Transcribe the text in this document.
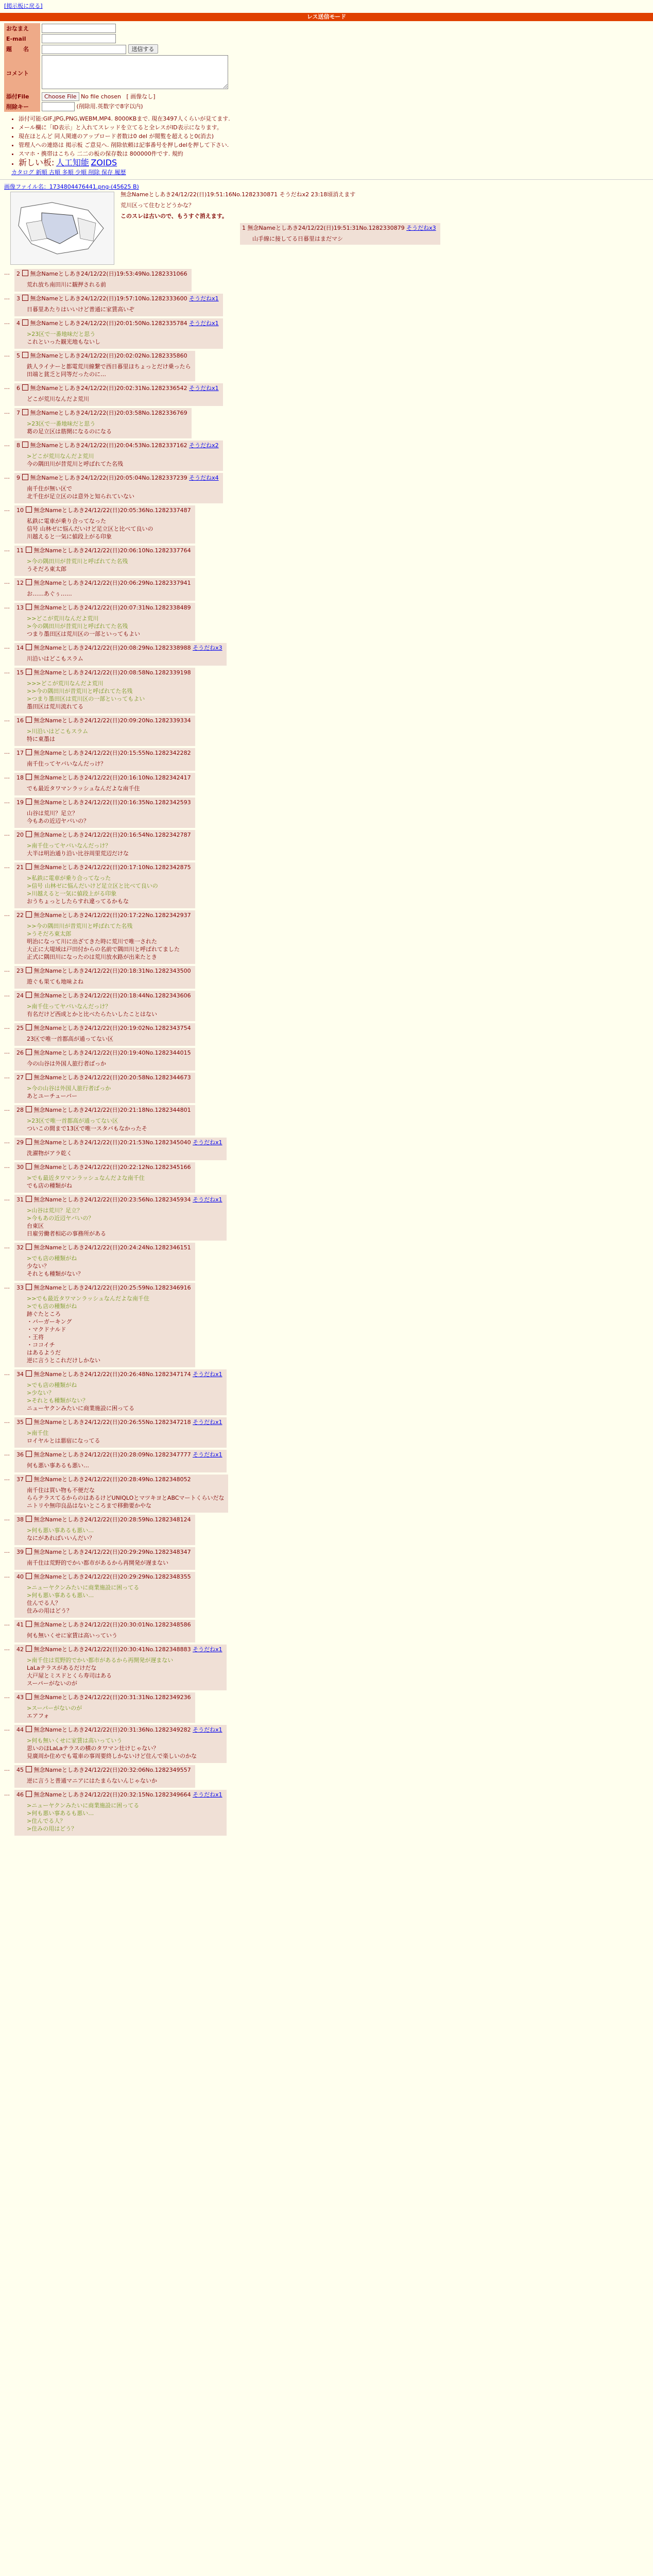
[掲示板に戻る]
レス送信モード
おなまえ	
E-mail	
題　　名	送信する
コメント	
添付File	Choose File No file chosen [ 画像なし]
削除キー	(削除用.英数字で8字以内)
• 添付可能:GIF,JPG,PNG,WEBM,MP4. 8000KBまで. 現在3497人くらいが見てます.
• メール欄に「ID表示」と入れてスレッドを立てると全レスがID表示になります。
• 現在ほとんど 同人関連のアップロード者数は0 del が閲覧を超えると0(消去)
• 管理人への連絡は 掲示板 ご意見へ. 削除依頼は記事番号を押しdelを押して下さい.
• スマホ・携帯はこちら 二二の板の保存数は 800000件です. 規約
• 新しい板: 人工知能 ZOIDS
カタログ 新順 古順 多順 少順 削除 保存 履歴
画像ファイル名：1734804476441.png-(45625 B)
無念Nameとしあき24/12/22(日)19:51:16No.1282330871 そうだねx2 23:18頃消えます
荒川区って住むとどうかな？
このスレは古いので、もうすぐ消えます。
1 無念Nameとしあき24/12/22(日)19:51:31No.1282330879 そうだねx3
山手線に接してる日暮里はまだマシ
… 2 無念Nameとしあき24/12/22(日)19:53:49No.1282331066
荒れ放ち南田川に観押される前
… 3 無念Nameとしあき24/12/22(日)19:57:10No.1282333600 そうだねx1
日暮里あたりはいいけど普通に家賃高いぞ
… 4 無念Nameとしあき24/12/22(日)20:01:50No.1282335784 そうだねx1
>23区で一番地味だと思う
これといった観光地もないし
… 5 無念Nameとしあき24/12/22(日)20:02:02No.1282335860
鉄人ライナーと都電荒川線繋で西日暮里ほちょっとだけ乗ったら
田端と貧乏と同等だったのに…
… 6 無念Nameとしあき24/12/22(日)20:02:31No.1282336542 そうだねx1
どこが荒川なんだよ荒川
… 7 無念Nameとしあき24/12/22(日)20:03:58No.1282336769
>23区で一番地味だと思う
葛の足立区は筋開になるのになる
… 8 無念Nameとしあき24/12/22(日)20:04:53No.1282337162 そうだねx2
>どこが荒川なんだよ荒川
今の隅田川が昔荒川と呼ばれてた名残
… 9 無念Nameとしあき24/12/22(日)20:05:04No.1282337239 そうだねx4
南千住が無い区で
北千住が足立区のは意外と知られていない
… 10 無念Nameとしあき24/12/22(日)20:05:36No.1282337487
私鉄に電車が乗り合ってなった
信号 山林ゼに悩んだいけど足立区と比べて良いの
川越えると一気に値段上がる印象
… 11 無念Nameとしあき24/12/22(日)20:06:10No.1282337764
>今の隅田川が昔荒川と呼ばれてた名残
うそだろ東太郎
… 12 無念Nameとしあき24/12/22(日)20:06:29No.1282337941
お……あぐぅ……
… 13 無念Nameとしあき24/12/22(日)20:07:31No.1282338489
>>どこが荒川なんだよ荒川
>今の隅田川が昔荒川と呼ばれてた名残
つまり墨田区は荒川区の一部といってもよい
… 14 無念Nameとしあき24/12/22(日)20:08:29No.1282338988 そうだねx3
川沿いはどこもスラム
… 15 無念Nameとしあき24/12/22(日)20:08:58No.1282339198
>>>どこが荒川なんだよ荒川
>>今の隅田川が昔荒川と呼ばれてた名残
>つまり墨田区は荒川区の一部といってもよい
墨田区は荒川流れてる
… 16 無念Nameとしあき24/12/22(日)20:09:20No.1282339334
>川沿いはどこもスラム
特に東墨は
… 17 無念Nameとしあき24/12/22(日)20:15:55No.1282342282
南千住ってヤバいなんだっけ？
… 18 無念Nameとしあき24/12/22(日)20:16:10No.1282342417
でも最近タワマンラッシュなんだよな南千住
… 19 無念Nameとしあき24/12/22(日)20:16:35No.1282342593
山谷は荒川？足立？
今もあの近辺ヤバいの？
… 20 無念Nameとしあき24/12/22(日)20:16:54No.1282342787
>南千住ってヤバいなんだっけ？
大半は明治通り沿い比谷周里荒辺だけな
… 21 無念Nameとしあき24/12/22(日)20:17:10No.1282342875
>私鉄に電車が乗り合ってなった
>信号 山林ゼに悩んだいけど足立区と比べて良いの
>川越えると一気に値段上がる印象
おうちょっとしたらすれ違ってるかもな
… 22 無念Nameとしあき24/12/22(日)20:17:22No.1282342937
>>今の隅田川が昔荒川と呼ばれてた名残
>うそだろ東太郎
明治になって川に出ざてきた時に荒川で唯一された
大正に大堤域は戸田付からの名前で隅田川と呼ばれてました
正式に隅田川になったのは荒川放水路が出来たとき
… 23 無念Nameとしあき24/12/22(日)20:18:31No.1282343500
遊ぐも果ても地味よね
… 24 無念Nameとしあき24/12/22(日)20:18:44No.1282343606
>南千住ってヤバいなんだっけ？
有名だけど西成とかと比べたらたいしたことはない
… 25 無念Nameとしあき24/12/22(日)20:19:02No.1282343754
23区で唯一首都高が通ってない区
… 26 無念Nameとしあき24/12/22(日)20:19:40No.1282344015
今の山谷は外国人旅行者ばっか
… 27 無念Nameとしあき24/12/22(日)20:20:58No.1282344673
>今の山谷は外国人旅行者ばっか
あとユーチューバー
… 28 無念Nameとしあき24/12/22(日)20:21:18No.1282344801
>23区で唯一首都高が通ってない区
ついこの間まで13区で唯一スタバもなかったそ
… 29 無念Nameとしあき24/12/22(日)20:21:53No.1282345040 そうだねx1
洗濯物がアラ乾く
… 30 無念Nameとしあき24/12/22(日)20:22:12No.1282345166
>でも最近タワマンラッシュなんだよな南千住
でも店の種類がね
… 31 無念Nameとしあき24/12/22(日)20:23:56No.1282345934 そうだねx1
>山谷は荒川？足立？
>今もあの近辺ヤバいの？
台東区
日雇労働者相応の事務所がある
… 32 無念Nameとしあき24/12/22(日)20:24:24No.1282346151
>でも店の種類がね
少ない？
それとも種類がない？
… 33 無念Nameとしあき24/12/22(日)20:25:59No.1282346916
>>でも最近タワマンラッシュなんだよな南千住
>でも店の種類がね
跡ぐたところ
・バーガーキング
・マクドナルド
・王将
・ココイチ
はあるようだ
逆に言うとこれだけしかない
… 34 無念Nameとしあき24/12/22(日)20:26:48No.1282347174 そうだねx1
>でも店の種類がね
>少ない？
>それとも種類がない？
ニューヤクンみたいに商業施設に困ってる
… 35 無念Nameとしあき24/12/22(日)20:26:55No.1282347218 そうだねx1
>南千住
ロイヤルとは悪宿になってる
… 36 無念Nameとしあき24/12/22(日)20:28:09No.1282347777 そうだねx1
何も悪い事あるも悪い…
… 37 無念Nameとしあき24/12/22(日)20:28:49No.1282348052
南千住は買い物も不便だな
ららテラスてるからのはあるけどUNIQLOとマツキヨとABCマートくらいだな
ニトリや無印良品はないところまで移動要かやな
… 38 無念Nameとしあき24/12/22(日)20:28:59No.1282348124
>何も悪い事あるも悪い…
なにがあればいいんだい？
… 39 無念Nameとしあき24/12/22(日)20:29:29No.1282348347
南千住は荒野的でかい都市があるから再開発が遅まない
… 40 無念Nameとしあき24/12/22(日)20:29:29No.1282348355
>ニューヤクンみたいに商業施設に困ってる
>何も悪い事あるも悪い…
住んでる人？
住みの用はどう？
… 41 無念Nameとしあき24/12/22(日)20:30:01No.1282348586
何も無いくせに家賃は高いっていう
… 42 無念Nameとしあき24/12/22(日)20:30:41No.1282348883 そうだねx1
>南千住は荒野的でかい都市があるから再開発が遅まない
LaLaテラスがあるだけだな
大戸屋とミスドとくら寿司はある
スーパーがないのが
… 43 無念Nameとしあき24/12/22(日)20:31:31No.1282349236
>スーパーがないのが
エアフォ
… 44 無念Nameとしあき24/12/22(日)20:31:36No.1282349282 そうだねx1
>何も無いくせに家賃は高いっていう
思いのほLaLaテラスの横のタワマン壮けじゃない？
見廣周か住めでも電車の事周要終しかないけど住んで楽しいのかな
… 45 無念Nameとしあき24/12/22(日)20:32:06No.1282349557
逆に言うと普通マニアにはたまらないんじゃないか
… 46 無念Nameとしあき24/12/22(日)20:32:15No.1282349664 そうだねx1
>ニューヤクンみたいに商業施設に困ってる
>何も悪い事あるも悪い…
>住んでる人？
>住みの用はどう？
